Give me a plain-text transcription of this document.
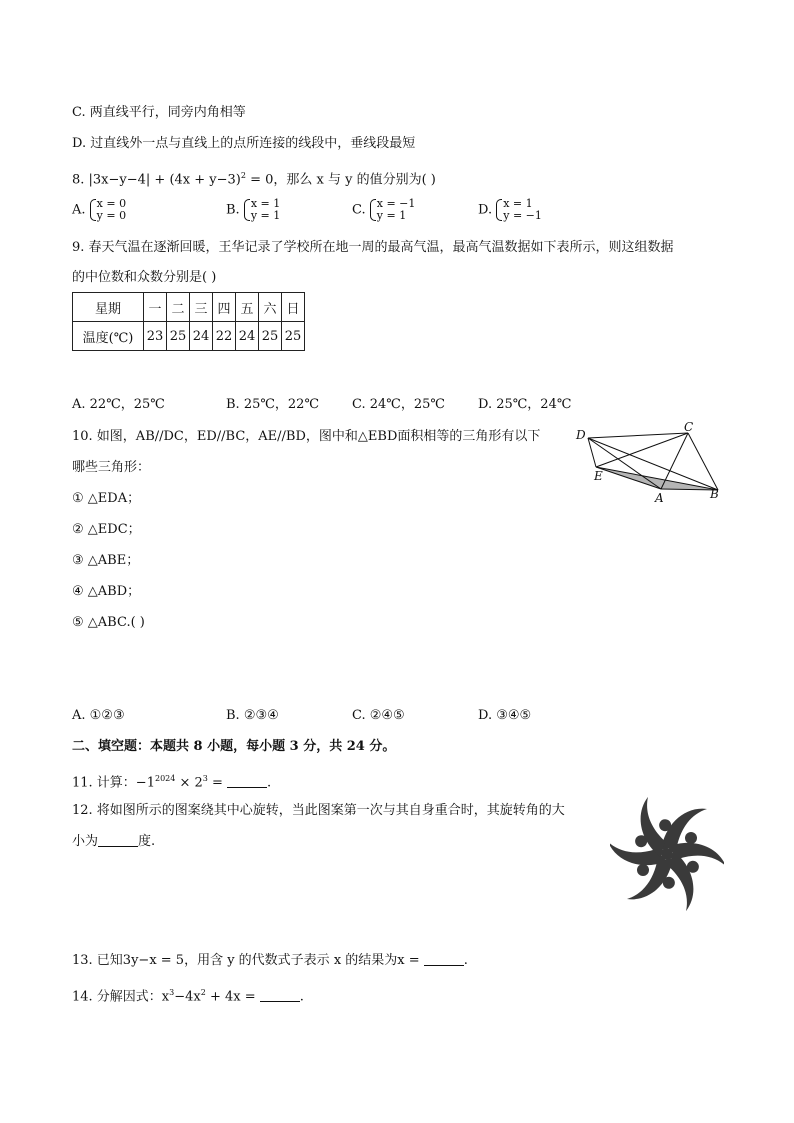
C. 两直线平行，同旁内角相等
D. 过直线外一点与直线上的点所连接的线段中，垂线段最短
8. $|3x-y-4| + (4x + y-3)^2 = 0$，那么 x 与 y 的值分别为( )
A. x = 0
y = 0	B. x = 1
y = 1	C. x = −1
y = 1	D. x = 1
y = −1
9. 春天气温在逐渐回暖，王华记录了学校所在地一周的最高气温，最高气温数据如下表所示，则这组数据
的中位数和众数分别是( )
星期	一	二	三	四	五	六	日
温度(℃)	23	25	24	22	24	25	25
A. 22℃，25℃	B. 25℃，22℃	C. 24℃，25℃	D. 25℃，24℃
10. 如图，AB//DC，ED//BC，AE//BD，图中和△EBD面积相等的三角形有以下
哪些三角形：
① △EDA；
② △EDC；
③ △ABE；
④ △ABD；
⑤ △ABC.( )
D
C
E
A	B
A. ①②③	B. ②③④	C. ②④⑤	D. ③④⑤
二、填空题：本题共 8 小题，每小题 3 分，共 24 分。
11. 计算：$-1^{2024} \times 2^3$ =	.
12. 将如图所示的图案绕其中心旋转，当此图案第一次与其自身重合时，其旋转角的大
小为	度.
13. 已知3y−x = 5，用含 y 的代数式子表示 x 的结果为x =	.
14. 分解因式：$x^3-4x^2 + 4x$ =	.
